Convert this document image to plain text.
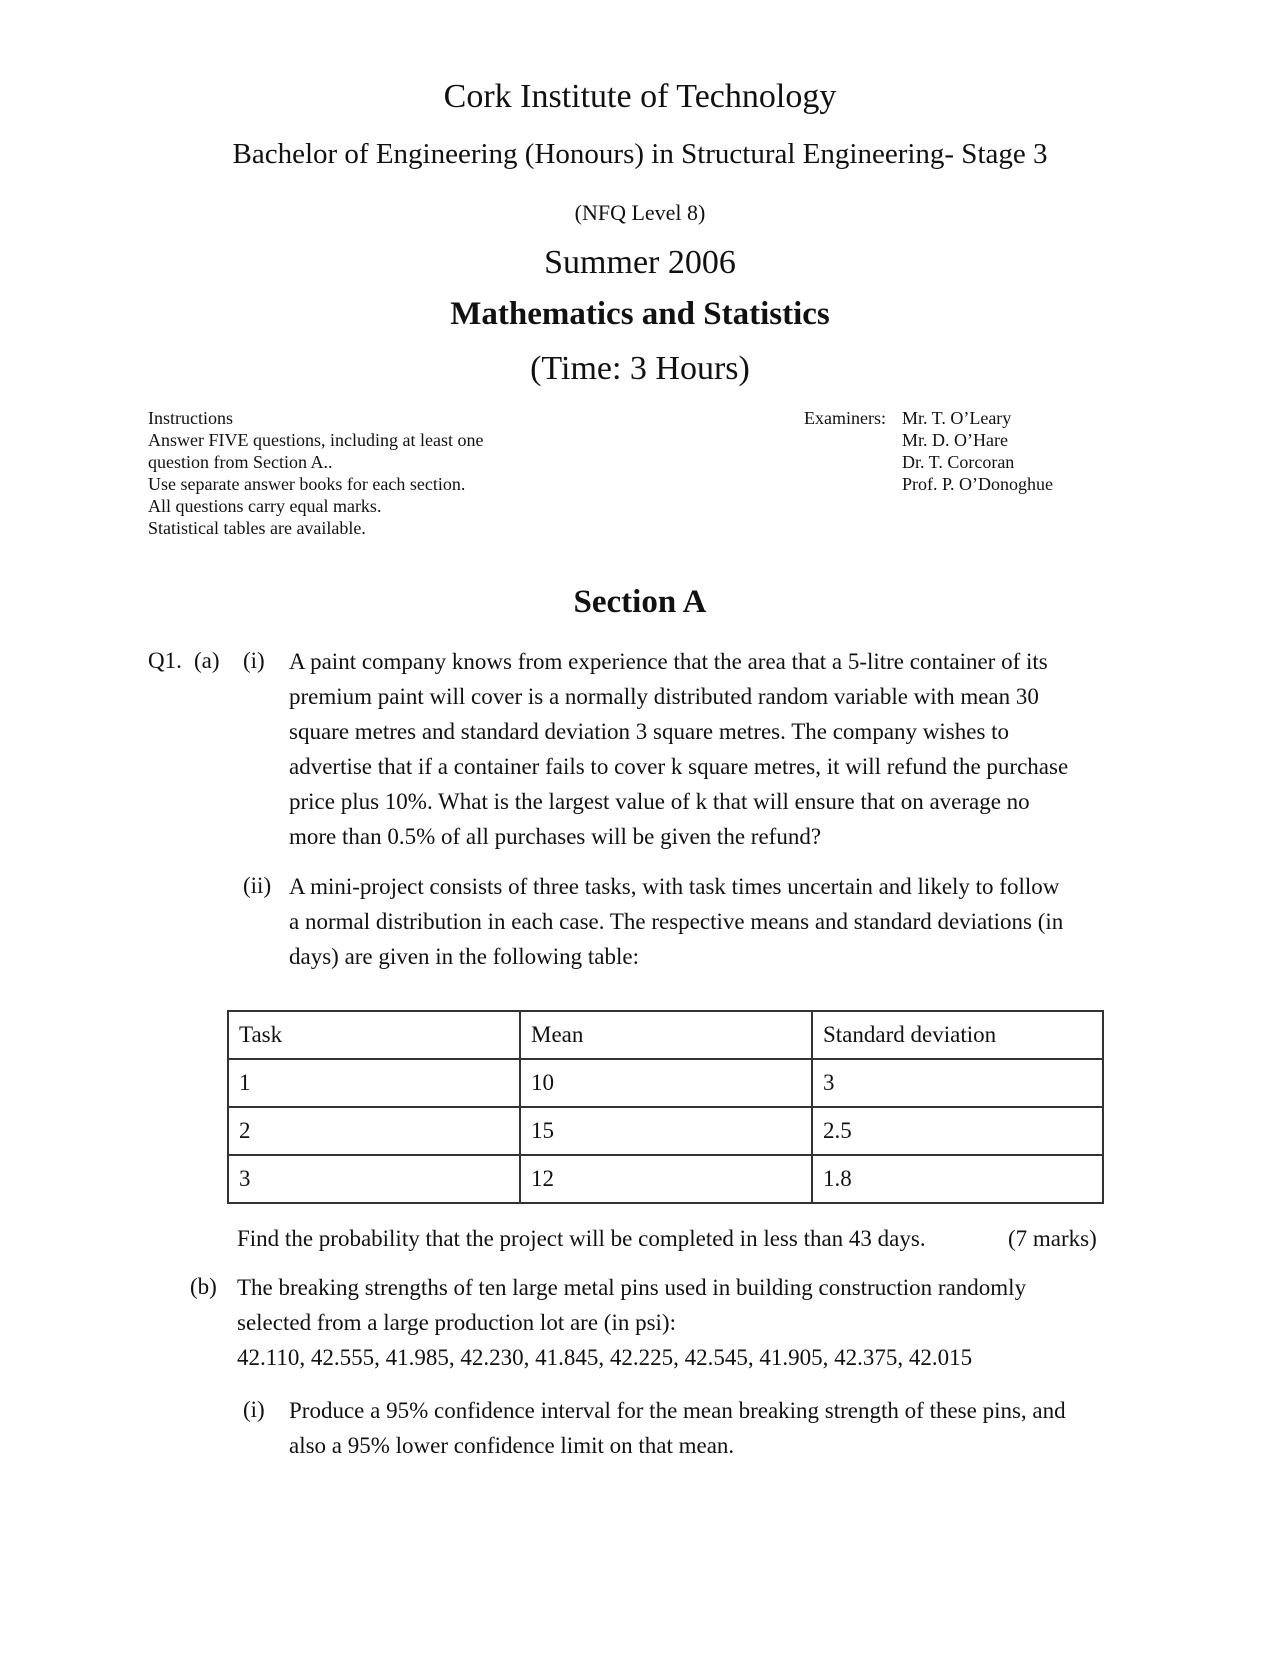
Cork Institute of Technology
Bachelor of Engineering (Honours) in Structural Engineering- Stage 3
(NFQ Level 8)
Summer 2006
Mathematics and Statistics
(Time: 3 Hours)
Instructions
Answer FIVE questions, including at least one
question from Section A..
Use separate answer books for each section.
All questions carry equal marks.
Statistical tables are available.
Examiners: Mr. T. O’Leary
Mr. D. O’Hare
Dr. T. Corcoran
Prof. P. O’Donoghue
Section A
Q1. (a) (i) A paint company knows from experience that the area that a 5-litre container of its
premium paint will cover is a normally distributed random variable with mean 30
square metres and standard deviation 3 square metres. The company wishes to
advertise that if a container fails to cover k square metres, it will refund the purchase
price plus 10%. What is the largest value of k that will ensure that on average no
more than 0.5% of all purchases will be given the refund?
(ii) A mini-project consists of three tasks, with task times uncertain and likely to follow
a normal distribution in each case. The respective means and standard deviations (in
days) are given in the following table:
Task	Mean	Standard deviation
1	10	3
2	15	2.5
3	12	1.8
Find the probability that the project will be completed in less than 43 days.	(7 marks)
(b) The breaking strengths of ten large metal pins used in building construction randomly
selected from a large production lot are (in psi):
42.110, 42.555, 41.985, 42.230, 41.845, 42.225, 42.545, 41.905, 42.375, 42.015
(i) Produce a 95% confidence interval for the mean breaking strength of these pins, and
also a 95% lower confidence limit on that mean.
